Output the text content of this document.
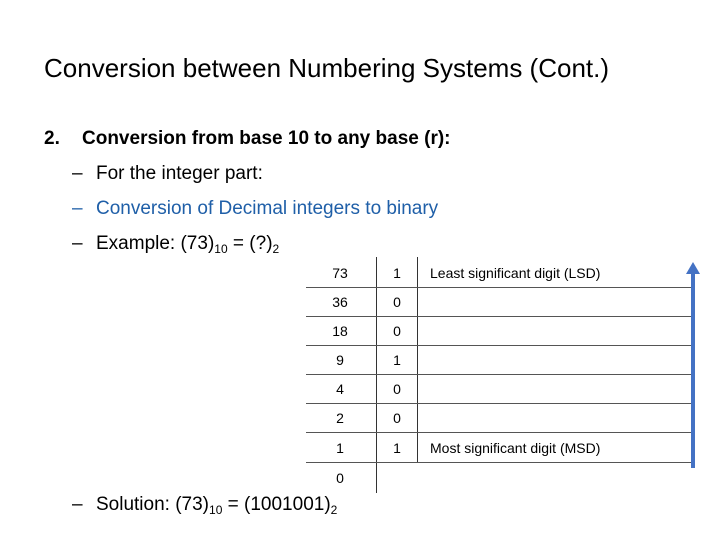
Conversion between Numbering Systems (Cont.)
2. Conversion from base 10 to any base (r):
– For the integer part:
– Conversion of Decimal integers to binary
– Example: $(73)_{10}$ = $(?)_2$
– Solution: $(73)_{10} = (1001001)_2$
73	1	Least significant digit (LSD)
36	0
18	0
9	1
4	0
2	0
1	1	Most significant digit (MSD)
0
